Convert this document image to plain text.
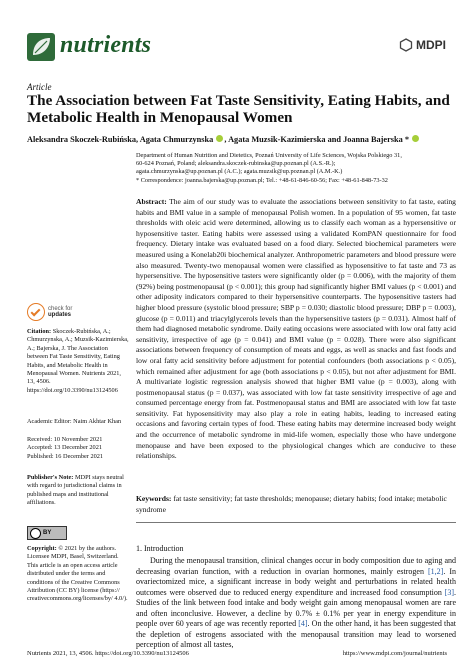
nutrients	MDPI
Article
The Association between Fat Taste Sensitivity, Eating Habits, and Metabolic Health in Menopausal Women
Aleksandra Skoczek-Rubińska, Agata Chmurzynska , Agata Muzsik-Kazimierska and Joanna Bajerska *
Department of Human Nutrition and Dietetics, Poznań University of Life Sciences, Wojska Polskiego 31,
60-624 Poznań, Poland; aleksandra.skoczek-rubinska@up.poznan.pl (A.S.-R.);
agata.chmurzynska@up.poznan.pl (A.C.); agata.muzsik@up.poznan.pl (A.M.-K.)
* Correspondence: joanna.bajerska@up.poznan.pl; Tel.: +48-61-846-60-56; Fax: +48-61-848-73-32
check for
updates
Citation: Skoczek-Rubińska, A.; Chmurzynska, A.; Muzsik-Kazimierska, A.; Bajerska, J. The Association between Fat Taste Sensitivity, Eating Habits, and Metabolic Health in Menopausal Women. Nutrients 2021, 13, 4506. https://doi.org/10.3390/nu13124506
Academic Editor: Naim Akhtar Khan
Received: 10 November 2021
Accepted: 13 December 2021
Published: 16 December 2021
Publisher's Note: MDPI stays neutral with regard to jurisdictional claims in published maps and institutional affiliations.
BY
Copyright: © 2021 by the authors. Licensee MDPI, Basel, Switzerland. This article is an open access article distributed under the terms and conditions of the Creative Commons Attribution (CC BY) license (https:// creativecommons.org/licenses/by/ 4.0/).
Abstract: The aim of our study was to evaluate the associations between sensitivity to fat taste, eating habits and BMI value in a sample of menopausal Polish women. In a population of 95 women, fat taste thresholds with oleic acid were determined, allowing us to classify each woman as a hypersensitive or hyposensitive taster. Eating habits were assessed using a validated KomPAN questionnaire for food frequency. Dietary intake was evaluated based on a food diary. Selected biochemical parameters were measured using a Konelab20i biochemical analyzer. Anthropometric parameters and blood pressure were also measured. Twenty-two menopausal women were classified as hyposensitive to fat taste and 73 as hypersensitive. The hyposensitive tasters were significantly older (p = 0.006), with the majority of them (92%) being postmenopausal (p < 0.001); this group had significantly higher BMI values (p < 0.001) and other adiposity indicators compared to their hypersensitive counterparts. The hyposensitive tasters had higher blood pressure (systolic blood pressure; SBP p = 0.030; diastolic blood pressure; DBP p = 0.003), glucose (p = 0.011) and triacylglycerols levels than the hypersensitive tasters (p = 0.031). Almost half of them had diagnosed metabolic syndrome. Daily eating occasions were associated with low oral fatty acid sensitivity, irrespective of age (p = 0.041) and BMI value (p = 0.028). There were also significant associations between frequency of consumption of meats and eggs, as well as snacks and fast foods and low oral fatty acid sensitivity before adjustment for potential confounders (both associations p < 0.05), which remained after adjustment for age (both associations p < 0.05), but not after adjustment for BMI. A multivariate logistic regression analysis showed that higher BMI value (p = 0.003), along with postmenopausal status (p = 0.037), was associated with low fat taste sensitivity irrespective of age and consumed percentage energy from fat. Postmenopausal status and BMI are associated with low fat taste sensitivity. Fat hyposensitivity may also play a role in eating habits, leading to increased eating occasions and favoring certain types of food. These eating habits may determine increased body weight and the occurrence of metabolic syndrome in mid-life women, especially those who have undergone menopause and have been exposed to the physiological changes which are conducive to these relationships.
Keywords: fat taste sensitivity; fat taste thresholds; menopause; dietary habits; food intake; metabolic syndrome
1. Introduction
During the menopausal transition, clinical changes occur in body composition due to aging and decreasing ovarian function, with a reduction in ovarian hormones, mainly estrogen [1,2]. In ovariectomized mice, a significant increase in body weight and perturbations in related health outcomes were observed due to reduced energy expenditure and increased food consumption [3]. Studies of the link between food intake and body weight gain among menopausal women are rare and often inconclusive. However, a decline by 0.7% ± 0.1% per year in energy expenditure in people over 60 years of age was recently reported [4]. On the other hand, it has been suggested that the depletion of estrogens associated with the menopausal transition may lead to worsened perception of almost all tastes,
Nutrients 2021, 13, 4506. https://doi.org/10.3390/nu13124506	https://www.mdpi.com/journal/nutrients
